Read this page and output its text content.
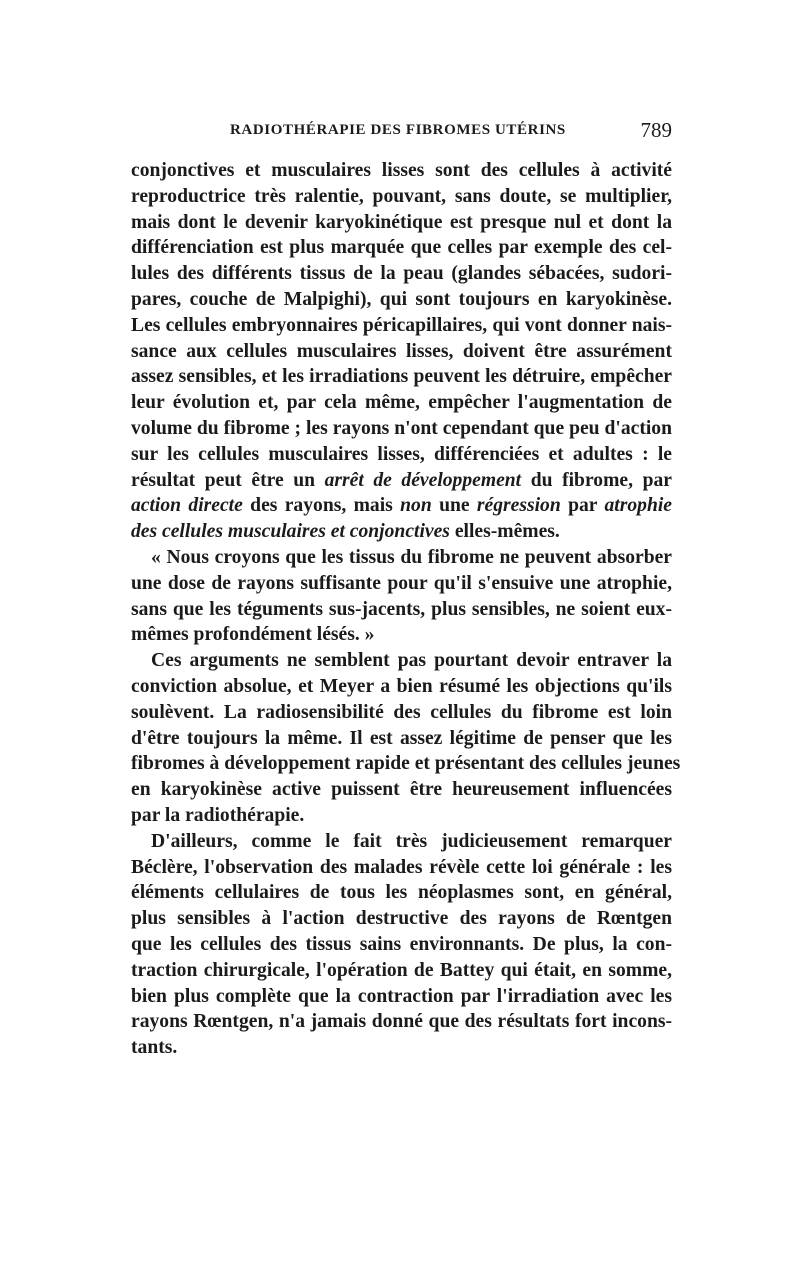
RADIOTHÉRAPIE DES FIBROMES UTÉRINS	789
conjonctives et musculaires lisses sont des cellules à activité
reproductrice très ralentie, pouvant, sans doute, se multiplier,
mais dont le devenir karyokinétique est presque nul et dont la
différenciation est plus marquée que celles par exemple des cel-
lules des différents tissus de la peau (glandes sébacées, sudori-
pares, couche de Malpighi), qui sont toujours en karyokinèse.
Les cellules embryonnaires péricapillaires, qui vont donner nais-
sance aux cellules musculaires lisses, doivent être assurément
assez sensibles, et les irradiations peuvent les détruire, empêcher
leur évolution et, par cela même, empêcher l'augmentation de
volume du fibrome ; les rayons n'ont cependant que peu d'action
sur les cellules musculaires lisses, différenciées et adultes : le
résultat peut être un arrêt de développement du fibrome, par
action directe des rayons, mais non une régression par atrophie
des cellules musculaires et conjonctives elles-mêmes.
« Nous croyons que les tissus du fibrome ne peuvent absorber
une dose de rayons suffisante pour qu'il s'ensuive une atrophie,
sans que les téguments sus-jacents, plus sensibles, ne soient eux-
mêmes profondément lésés. »
Ces arguments ne semblent pas pourtant devoir entraver la
conviction absolue, et Meyer a bien résumé les objections qu'ils
soulèvent. La radiosensibilité des cellules du fibrome est loin
d'être toujours la même. Il est assez légitime de penser que les
fibromes à développement rapide et présentant des cellules jeunes
en karyokinèse active puissent être heureusement influencées
par la radiothérapie.
D'ailleurs, comme le fait très judicieusement remarquer
Béclère, l'observation des malades révèle cette loi générale : les
éléments cellulaires de tous les néoplasmes sont, en général,
plus sensibles à l'action destructive des rayons de Rœntgen
que les cellules des tissus sains environnants. De plus, la con-
traction chirurgicale, l'opération de Battey qui était, en somme,
bien plus complète que la contraction par l'irradiation avec les
rayons Rœntgen, n'a jamais donné que des résultats fort incons-
tants.
